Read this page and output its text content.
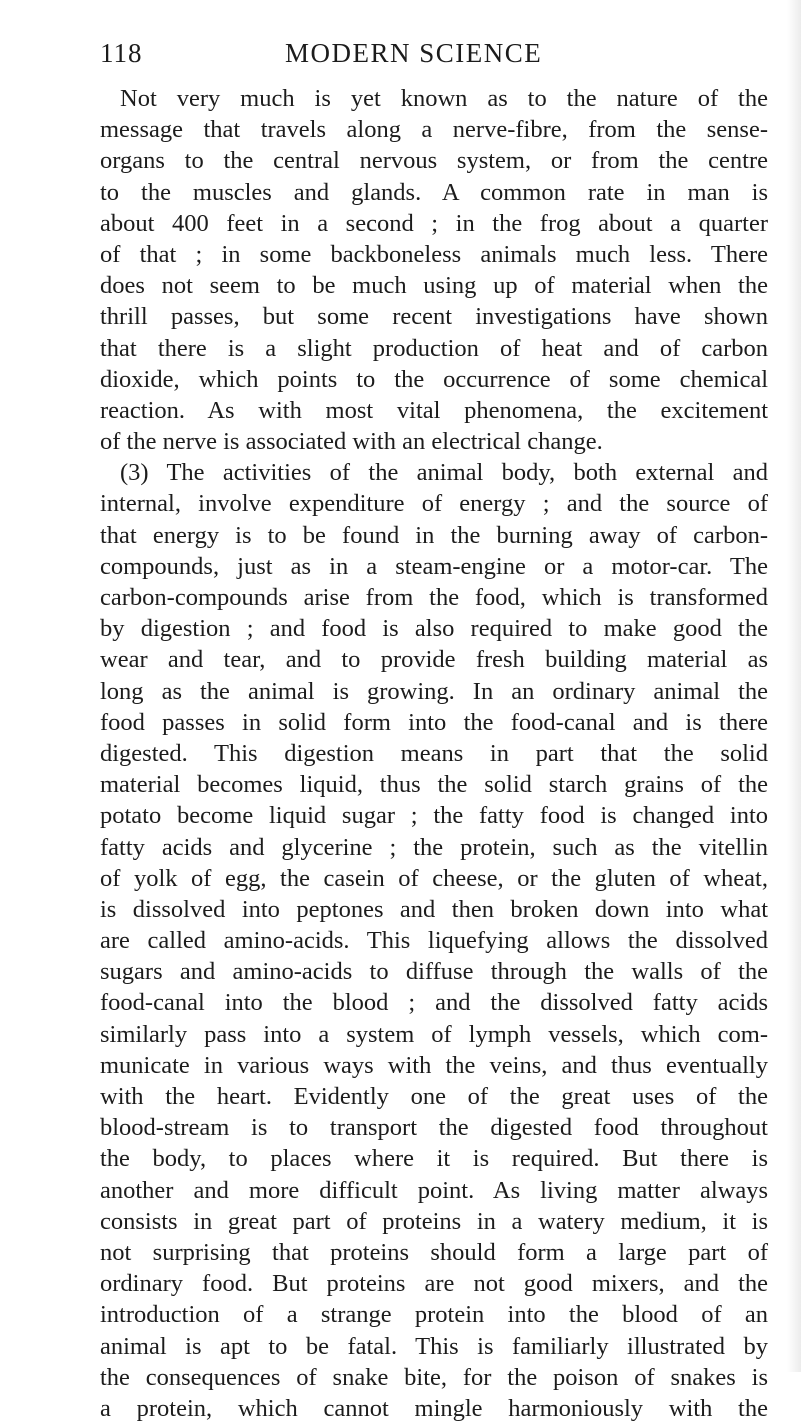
118	MODERN SCIENCE
Not very much is yet known as to the nature of the
message that travels along a nerve-fibre, from the sense-
organs to the central nervous system, or from the centre
to the muscles and glands. A common rate in man is
about 400 feet in a second ; in the frog about a quarter
of that ; in some backboneless animals much less. There
does not seem to be much using up of material when the
thrill passes, but some recent investigations have shown
that there is a slight production of heat and of carbon
dioxide, which points to the occurrence of some chemical
reaction. As with most vital phenomena, the excitement
of the nerve is associated with an electrical change.
(3) The activities of the animal body, both external and
internal, involve expenditure of energy ; and the source of
that energy is to be found in the burning away of carbon-
compounds, just as in a steam-engine or a motor-car. The
carbon-compounds arise from the food, which is transformed
by digestion ; and food is also required to make good the
wear and tear, and to provide fresh building material as
long as the animal is growing. In an ordinary animal the
food passes in solid form into the food-canal and is there
digested. This digestion means in part that the solid
material becomes liquid, thus the solid starch grains of the
potato become liquid sugar ; the fatty food is changed into
fatty acids and glycerine ; the protein, such as the vitellin
of yolk of egg, the casein of cheese, or the gluten of wheat,
is dissolved into peptones and then broken down into what
are called amino-acids. This liquefying allows the dissolved
sugars and amino-acids to diffuse through the walls of the
food-canal into the blood ; and the dissolved fatty acids
similarly pass into a system of lymph vessels, which com-
municate in various ways with the veins, and thus eventually
with the heart. Evidently one of the great uses of the
blood-stream is to transport the digested food throughout
the body, to places where it is required. But there is
another and more difficult point. As living matter always
consists in great part of proteins in a watery medium, it is
not surprising that proteins should form a large part of
ordinary food. But proteins are not good mixers, and the
introduction of a strange protein into the blood of an
animal is apt to be fatal. This is familiarly illustrated by
the consequences of snake bite, for the poison of snakes is
a protein, which cannot mingle harmoniously with the
